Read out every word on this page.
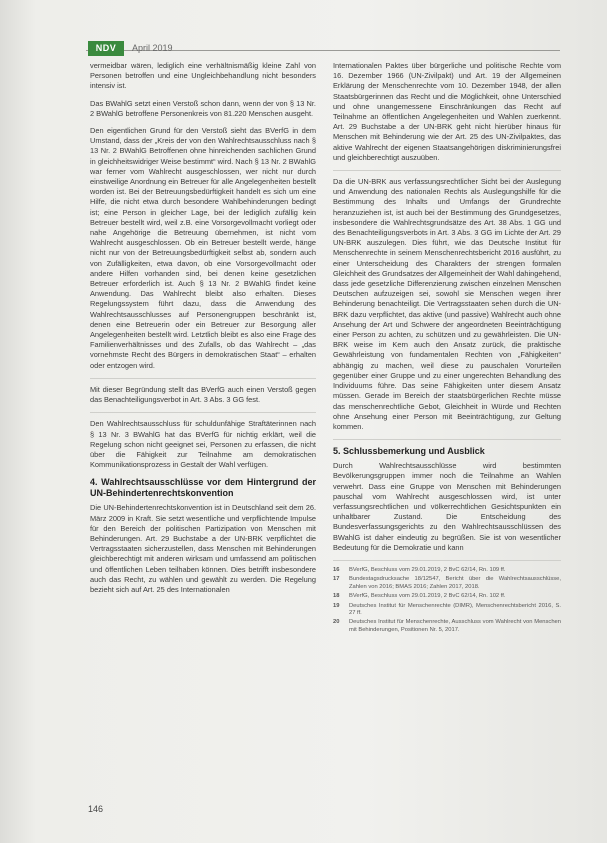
NDV	April 2019

vermeidbar wären, lediglich eine verhältnismäßig kleine Zahl von Personen betroffen und eine Ungleichbehandlung nicht besonders intensiv ist.

Das BWahlG setzt einen Verstoß schon dann, wenn der von § 13 Nr. 2 BWahlG betroffene Personenkreis von 81.220 Menschen ausgeht.

Den eigentlichen Grund für den Verstoß sieht das BVerfG in dem Umstand, dass der „Kreis der von den Wahlrechtsausschluss nach § 13 Nr. 2 BWahlG Betroffenen ohne hinreichenden sachlichen Grund in gleichheitswidriger Weise bestimmt“ wird. Nach § 13 Nr. 2 BWahlG war ferner vom Wahlrecht ausgeschlossen, wer nicht nur durch einstweilige Anordnung ein Betreuer für alle Angelegenheiten bestellt worden ist. Bei der Betreuungsbedürftigkeit handelt es sich um eine Hilfe, die nicht etwa durch besondere Wahlbehinderungen bedingt ist; eine Person in gleicher Lage, bei der lediglich zufällig kein Betreuer bestellt wird, weil z.B. eine Vorsorgevollmacht vorliegt oder nahe Angehörige die Betreuung übernehmen, ist nicht vom Wahlrecht ausgeschlossen. Ob ein Betreuer bestellt werde, hänge nicht nur von der Betreuungsbedürftigkeit selbst ab, sondern auch von Zufälligkeiten, etwa davon, ob eine Vorsorgevollmacht oder andere Hilfen vorhanden sind, bei denen keine gesetzlichen Betreuer erforderlich ist. Auch § 13 Nr. 2 BWahlG findet keine Anwendung. Das Wahlrecht bleibt also erhalten. Dieses Regelungssystem führt dazu, dass die Anwendung des Wahlrechtsausschlusses auf Personengruppen beschränkt ist, denen eine Betreuerin oder ein Betreuer zur Besorgung aller Angelegenheiten bestellt wird. Letztlich bleibt es also eine Frage des Familienverhältnisses und des Zufalls, ob das Wahlrecht – „das vornehmste Recht des Bürgers in demokratischen Staat“ – erhalten oder entzogen wird.

Mit dieser Begründung stellt das BVerfG auch einen Verstoß gegen das Benachteiligungsverbot in Art. 3 Abs. 3 GG fest.

Den Wahlrechtsausschluss für schuldunfähige Straftäterinnen nach § 13 Nr. 3 BWahlG hat das BVerfG für nichtig erklärt, weil die Regelung schon nicht geeignet sei, Personen zu erfassen, die nicht über die Fähigkeit zur Teilnahme am demokratischen Kommunikationsprozess in Gestalt der Wahl verfügen.

4. Wahlrechtsausschlüsse vor dem Hintergrund der UN-Behindertenrechtskonvention

Die UN-Behindertenrechtskonvention ist in Deutschland seit dem 26. März 2009 in Kraft. Sie setzt wesentliche und verpflichtende Impulse für den Bereich der politischen Partizipation von Menschen mit Behinderungen. Art. 29 Buchstabe a der UN-BRK verpflichtet die Vertragsstaaten sicherzustellen, dass Menschen mit Behinderungen gleichberechtigt mit anderen wirksam und umfassend am politischen und öffentlichen Leben teilhaben können. Dies betrifft insbesondere auch das Recht, zu wählen und gewählt zu werden. Die Regelung bezieht sich auf Art. 25 des Internationalen

Internationalen Paktes über bürgerliche und politische Rechte vom 16. Dezember 1966 (UN-Zivilpakt) und Art. 19 der Allgemeinen Erklärung der Menschenrechte vom 10. Dezember 1948, der allen Staatsbürgerinnen das Recht und die Möglichkeit, ohne Unterschied und ohne unangemessene Einschränkungen das Recht auf Teilnahme an öffentlichen Angelegenheiten und Wahlen zuerkennt. Art. 29 Buchstabe a der UN-BRK geht nicht hierüber hinaus für Menschen mit Behinderung wie der Art. 25 des UN-Zivilpaktes, das aktive Wahlrecht der eigenen Staatsangehörigen diskriminierungsfrei und gleichberechtigt auszuüben.

Da die UN-BRK aus verfassungsrechtlicher Sicht bei der Auslegung und Anwendung des nationalen Rechts als Auslegungshilfe für die Bestimmung des Inhalts und Umfangs der Grundrechte heranzuziehen ist, ist auch bei der Bestimmung des Grundgesetzes, insbesondere die Wahlrechtsgrundsätze des Art. 38 Abs. 1 GG und des Benachteiligungsverbots in Art. 3 Abs. 3 GG im Lichte der Art. 29 UN-BRK auszulegen. Dies führt, wie das Deutsche Institut für Menschenrechte in seinem Menschenrechtsbericht 2016 ausführt, zu einer Unterscheidung des Charakters der strengen formalen Gleichheit des Grundsatzes der Allgemeinheit der Wahl dahingehend, dass jede gesetzliche Differenzierung zwischen einzelnen Menschen Deutschen aufzuzeigen sei, sowohl sie Menschen wegen ihrer Behinderung benachteiligt. Die Vertragsstaaten sehen durch die UN-BRK dazu verpflichtet, das aktive (und passive) Wahlrecht auch ohne Ansehung der Art und Schwere der angeordneten Beeinträchtigung einer Person zu achten, zu schützen und zu gewährleisten. Die UN-BRK weise im Kern auch den Ansatz zurück, die praktische Gewährleistung von fundamentalen Rechten von „Fähigkeiten“ abhängig zu machen, weil diese zu pauschalen Vorurteilen gegenüber einer Gruppe und zu einer ungerechten Behandlung des Individuums führe. Das seine Fähigkeiten unter diesem Ansatz müssen. Gerade im Bereich der staatsbürgerlichen Rechte müsse das menschenrechtliche Gebot, Gleichheit in Würde und Rechten ohne Ansehung einer Person mit Beeinträchtigung, zur Geltung kommen.

5. Schlussbemerkung und Ausblick

Durch Wahlrechtsausschlüsse wird bestimmten Bevölkerungsgruppen immer noch die Teilnahme an Wahlen verwehrt. Dass eine Gruppe von Menschen mit Behinderungen pauschal vom Wahlrecht ausgeschlossen wird, ist unter verfassungsrechtlichen und völkerrechtlichen Gesichtspunkten ein unhaltbarer Zustand. Die Entscheidung des Bundesverfassungsgerichts zu den Wahlrechtsausschlüssen des BWahlG ist daher eindeutig zu begrüßen. Sie ist von wesentlicher Bedeutung für die Demokratie und kann

16	BVerfG, Beschluss vom 29.01.2019, 2 BvC 62/14, Rn. 109 ff.
17	Bundestagsdrucksache 18/12547, Bericht über die Wahlrechtsausschlüsse, Zahlen von 2016; BMAS 2016; Zahlen 2017, 2018.
18	BVerfG, Beschluss vom 29.01.2019, 2 BvC 62/14, Rn. 102 ff.
19	Deutsches Institut für Menschenrechte (DIMR), Menschenrechtsbericht 2016, S. 27 ff.
20	Deutsches Institut für Menschenrechte, Ausschluss vom Wahlrecht von Menschen mit Behinderungen, Positionen Nr. 5, 2017.
146
